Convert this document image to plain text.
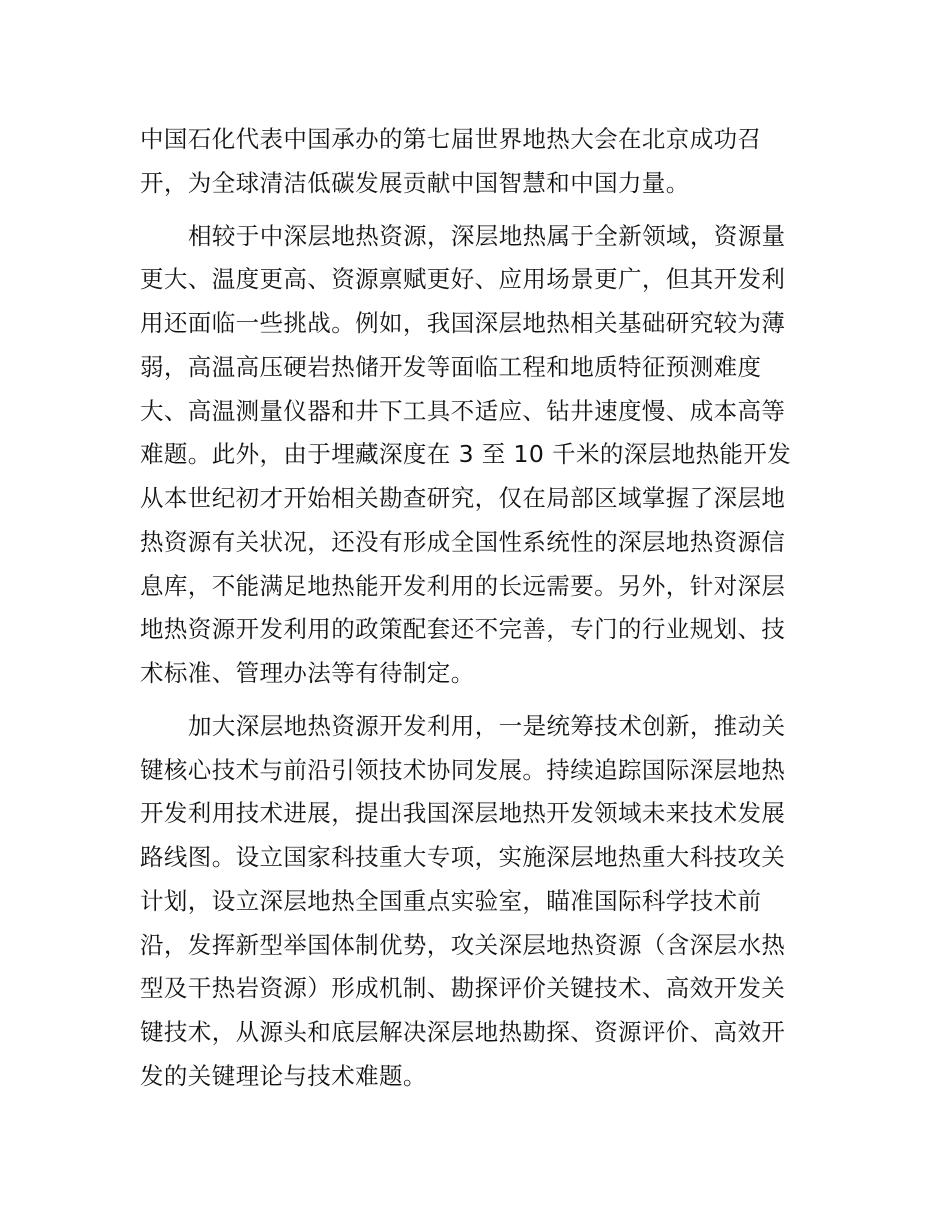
中国石化代表中国承办的第七届世界地热大会在北京成功召
开，为全球清洁低碳发展贡献中国智慧和中国力量。
相较于中深层地热资源，深层地热属于全新领域，资源量
更大、温度更高、资源禀赋更好、应用场景更广，但其开发利
用还面临一些挑战。例如，我国深层地热相关基础研究较为薄
弱，高温高压硬岩热储开发等面临工程和地质特征预测难度
大、高温测量仪器和井下工具不适应、钻井速度慢、成本高等
难题。此外，由于埋藏深度在 3 至 10 千米的深层地热能开发
从本世纪初才开始相关勘查研究，仅在局部区域掌握了深层地
热资源有关状况，还没有形成全国性系统性的深层地热资源信
息库，不能满足地热能开发利用的长远需要。另外，针对深层
地热资源开发利用的政策配套还不完善，专门的行业规划、技
术标准、管理办法等有待制定。
加大深层地热资源开发利用，一是统筹技术创新，推动关
键核心技术与前沿引领技术协同发展。持续追踪国际深层地热
开发利用技术进展，提出我国深层地热开发领域未来技术发展
路线图。设立国家科技重大专项，实施深层地热重大科技攻关
计划，设立深层地热全国重点实验室，瞄准国际科学技术前
沿，发挥新型举国体制优势，攻关深层地热资源（含深层水热
型及干热岩资源）形成机制、勘探评价关键技术、高效开发关
键技术，从源头和底层解决深层地热勘探、资源评价、高效开
发的关键理论与技术难题。
